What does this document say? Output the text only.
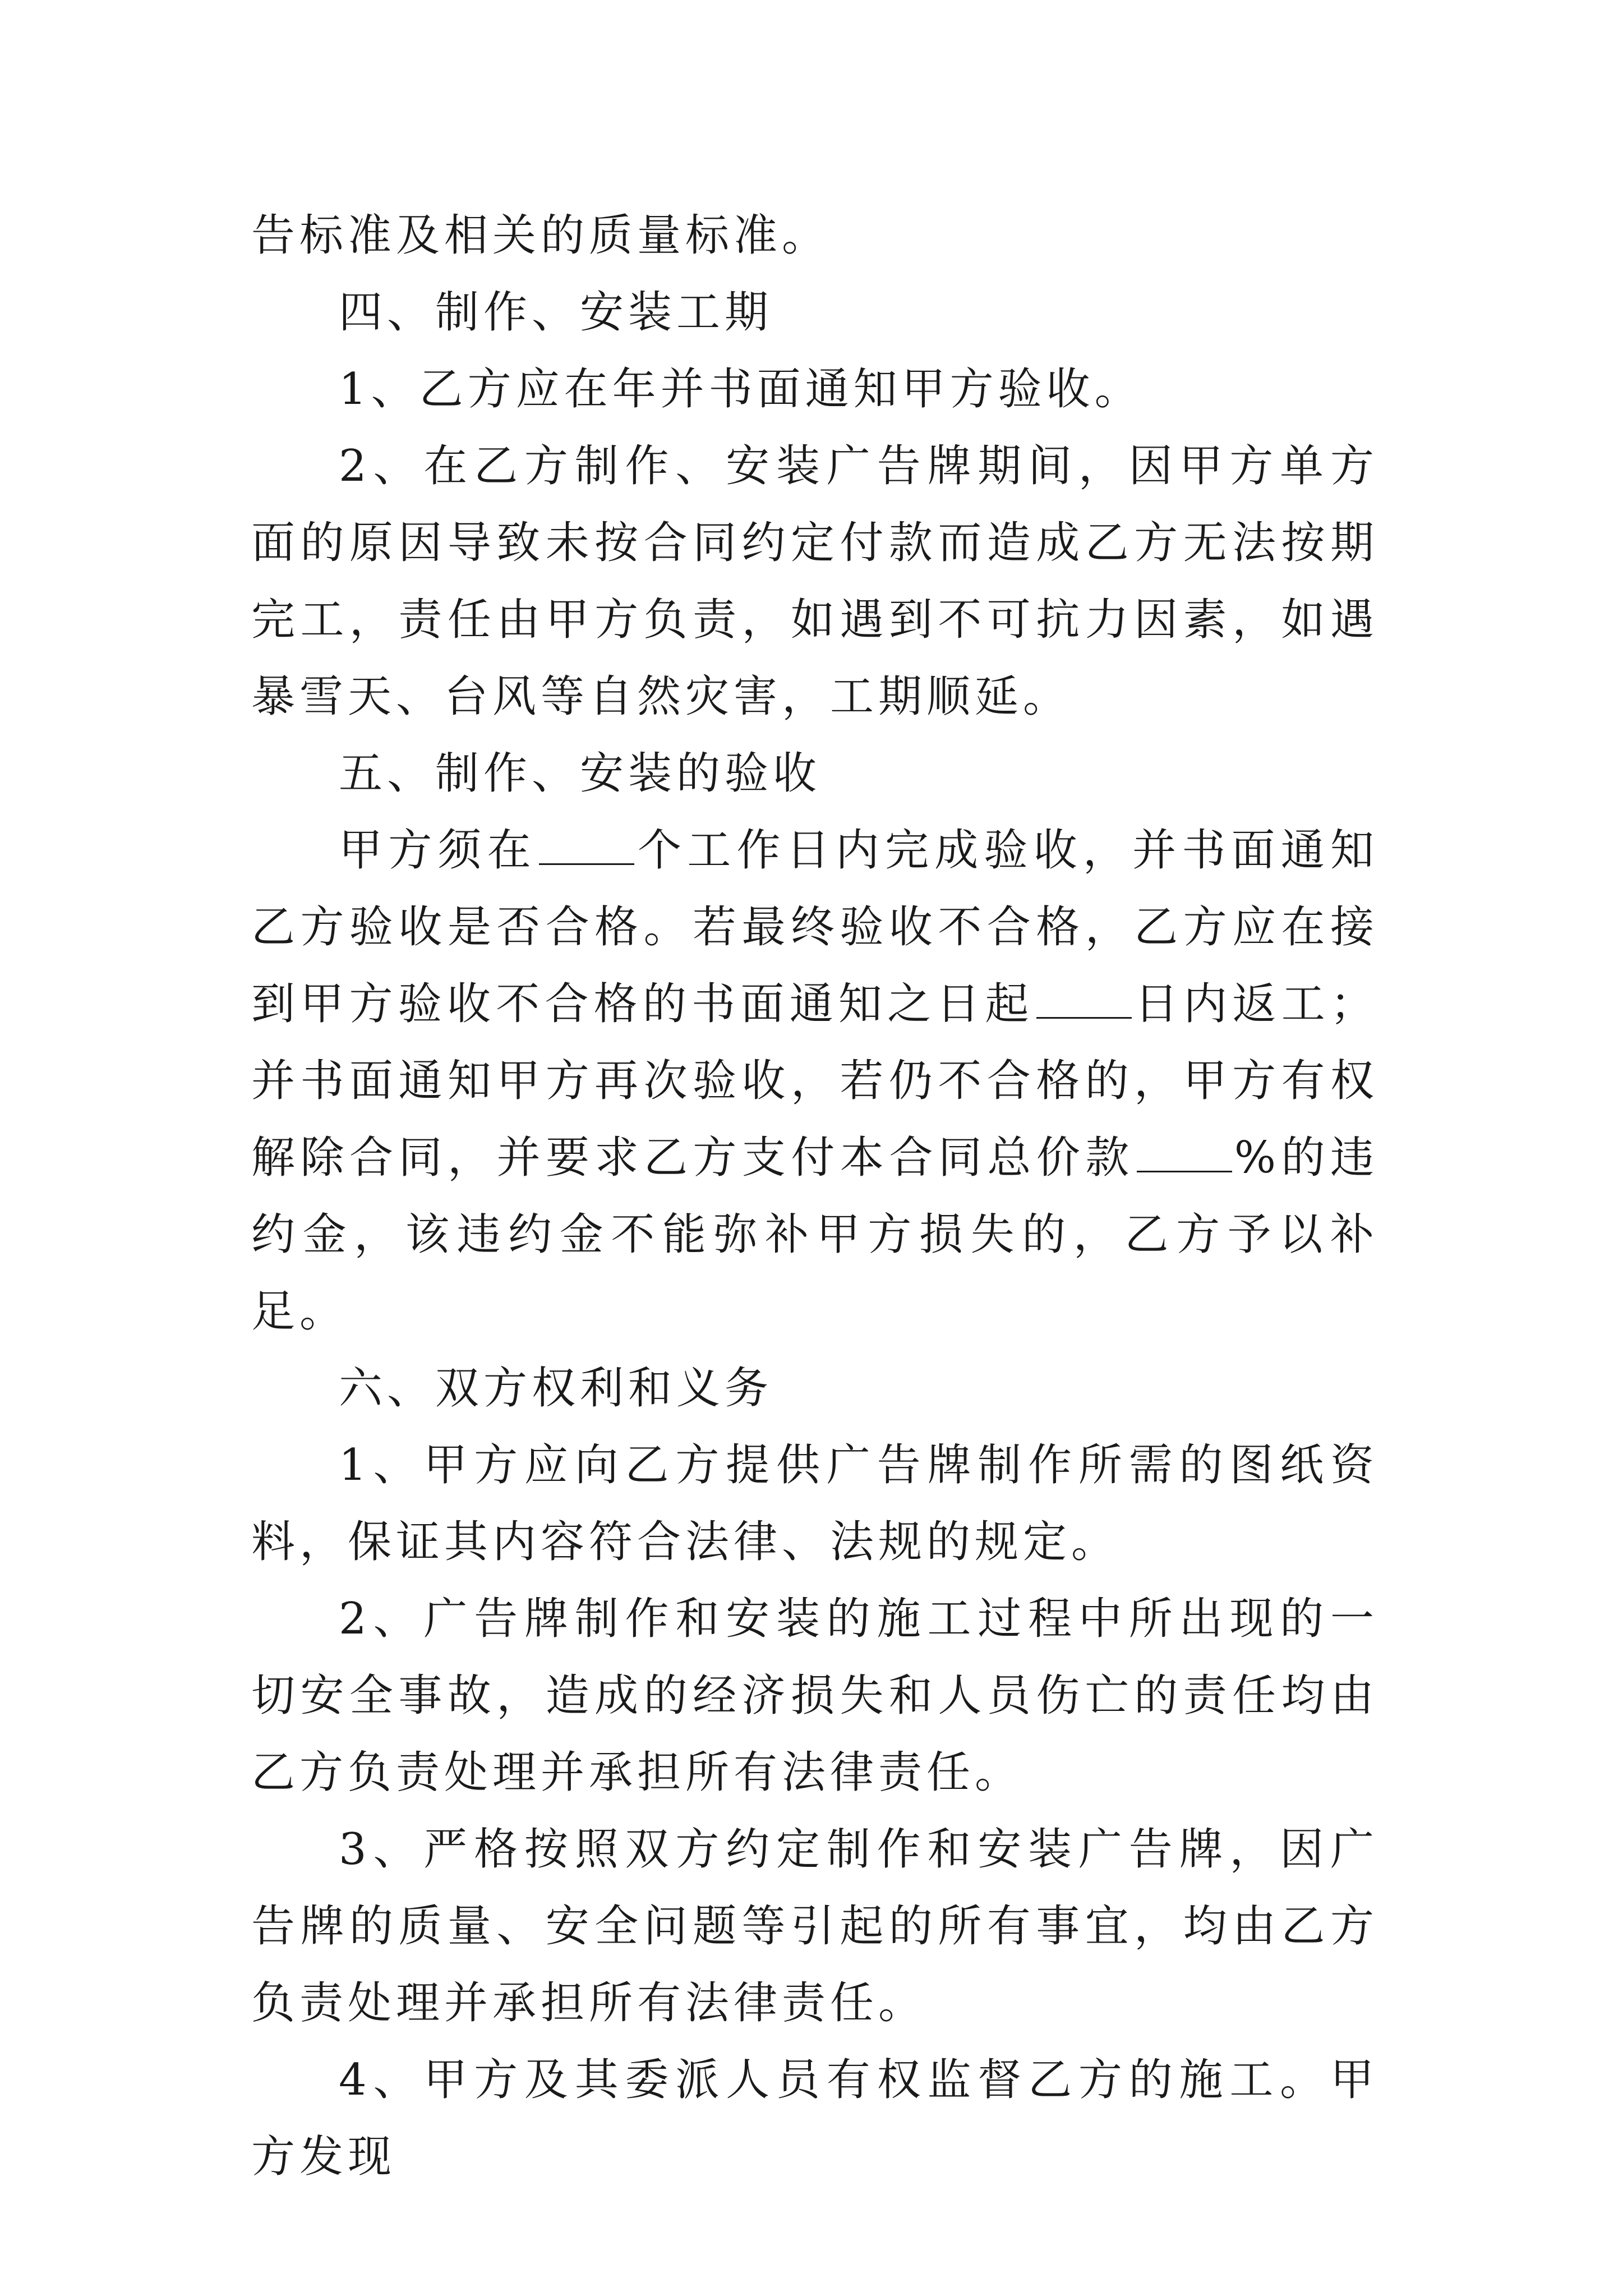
告标准及相关的质量标准。

四、制作、安装工期

1、乙方应在年并书面通知甲方验收。

2、在乙方制作、安装广告牌期间，因甲方单方面的原因导致未按合同约定付款而造成乙方无法按期完工，责任由甲方负责，如遇到不可抗力因素，如遇暴雪天、台风等自然灾害，工期顺延。

五、制作、安装的验收

甲方须在 个工作日内完成验收，并书面通知乙方验收是否合格。若最终验收不合格，乙方应在接到甲方验收不合格的书面通知之日起 日内返工；并书面通知甲方再次验收，若仍不合格的，甲方有权解除合同，并要求乙方支付本合同总价款 %的违约金，该违约金不能弥补甲方损失的，乙方予以补足。

六、双方权利和义务

1、甲方应向乙方提供广告牌制作所需的图纸资料，保证其内容符合法律、法规的规定。

2、广告牌制作和安装的施工过程中所出现的一切安全事故，造成的经济损失和人员伤亡的责任均由乙方负责处理并承担所有法律责任。

3、严格按照双方约定制作和安装广告牌，因广告牌的质量、安全问题等引起的所有事宜，均由乙方负责处理并承担所有法律责任。

4、甲方及其委派人员有权监督乙方的施工。甲方发现
